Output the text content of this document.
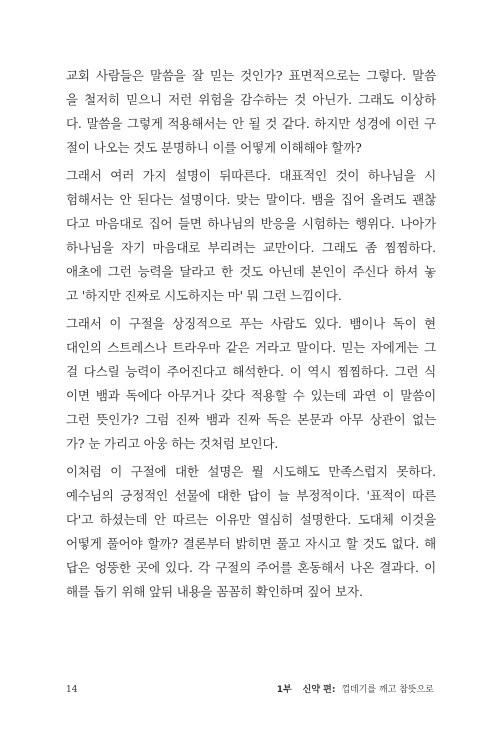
교회 사람들은 말씀을 잘 믿는 것인가? 표면적으로는 그렇다. 말씀
을 철저히 믿으니 저런 위험을 감수하는 것 아닌가. 그래도 이상하
다. 말씀을 그렇게 적용해서는 안 될 것 같다. 하지만 성경에 이런 구
절이 나오는 것도 분명하니 이를 어떻게 이해해야 할까?
그래서 여러 가지 설명이 뒤따른다. 대표적인 것이 하나님을 시
험해서는 안 된다는 설명이다. 맞는 말이다. 뱀을 집어 올려도 괜찮
다고 마음대로 집어 들면 하나님의 반응을 시험하는 행위다. 나아가
하나님을 자기 마음대로 부리려는 교만이다. 그래도 좀 찜찜하다.
애초에 그런 능력을 달라고 한 것도 아닌데 본인이 주신다 하셔 놓
고 '하지만 진짜로 시도하지는 마' 뭐 그런 느낌이다.
그래서 이 구절을 상징적으로 푸는 사람도 있다. 뱀이나 독이 현
대인의 스트레스나 트라우마 같은 거라고 말이다. 믿는 자에게는 그
걸 다스릴 능력이 주어진다고 해석한다. 이 역시 찜찜하다. 그런 식
이면 뱀과 독에다 아무거나 갖다 적용할 수 있는데 과연 이 말씀이
그런 뜻인가? 그럼 진짜 뱀과 진짜 독은 본문과 아무 상관이 없는
가? 눈 가리고 아웅 하는 것처럼 보인다.
이처럼 이 구절에 대한 설명은 뭘 시도해도 만족스럽지 못하다.
예수님의 긍정적인 선물에 대한 답이 늘 부정적이다. '표적이 따른
다'고 하셨는데 안 따르는 이유만 열심히 설명한다. 도대체 이것을
어떻게 풀어야 할까? 결론부터 밝히면 풀고 자시고 할 것도 없다. 해
답은 엉뚱한 곳에 있다. 각 구절의 주어를 혼동해서 나온 결과다. 이
해를 돕기 위해 앞뒤 내용을 꼼꼼히 확인하며 짚어 보자.
14	1부 신약 편: 껍데기를 깨고 참뜻으로
